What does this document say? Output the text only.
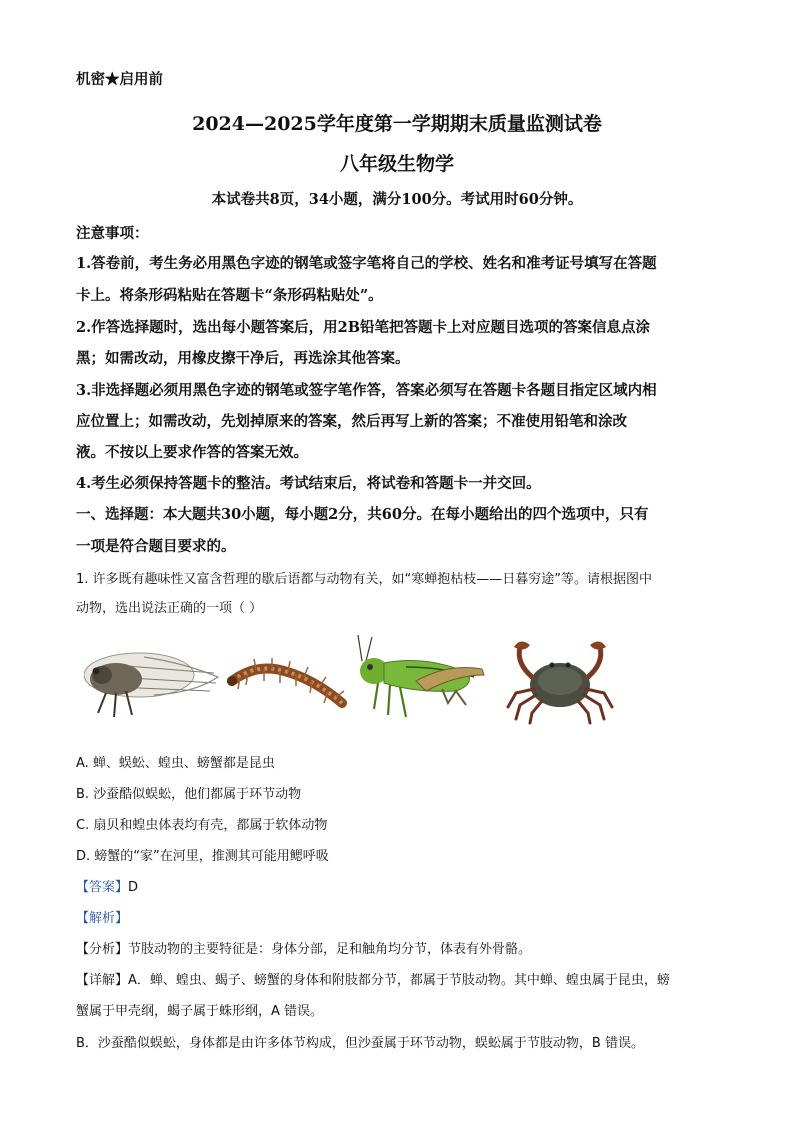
机密★启用前
2024—2025学年度第一学期期末质量监测试卷
八年级生物学
本试卷共8页，34小题，满分100分。考试用时60分钟。
注意事项：
1.答卷前，考生务必用黑色字迹的钢笔或签字笔将自己的学校、姓名和准考证号填写在答题
卡上。将条形码粘贴在答题卡“条形码粘贴处”。
2.作答选择题时，选出每小题答案后，用2B铅笔把答题卡上对应题目选项的答案信息点涂
黑；如需改动，用橡皮擦干净后，再选涂其他答案。
3.非选择题必须用黑色字迹的钢笔或签字笔作答，答案必须写在答题卡各题目指定区域内相
应位置上；如需改动，先划掉原来的答案，然后再写上新的答案；不准使用铅笔和涂改
液。不按以上要求作答的答案无效。
4.考生必须保持答题卡的整洁。考试结束后，将试卷和答题卡一并交回。
一、选择题：本大题共30小题，每小题2分，共60分。在每小题给出的四个选项中，只有
一项是符合题目要求的。
1. 许多既有趣味性又富含哲理的歇后语都与动物有关，如“寒蝉抱枯枝——日暮穷途”等。请根据图中
动物，选出说法正确的一项（ ）
A. 蝉、蜈蚣、蝗虫、螃蟹都是昆虫
B. 沙蚕酷似蜈蚣，他们都属于环节动物
C. 扇贝和蝗虫体表均有壳，都属于软体动物
D. 螃蟹的“家”在河里，推测其可能用鳃呼吸
【答案】D
【解析】
【分析】节肢动物的主要特征是：身体分部，足和触角均分节，体表有外骨骼。
【详解】A．蝉、蝗虫、蝎子、螃蟹的身体和附肢都分节，都属于节肢动物。其中蝉、蝗虫属于昆虫，螃
蟹属于甲壳纲，蝎子属于蛛形纲，A 错误。
B．沙蚕酷似蜈蚣，身体都是由许多体节构成，但沙蚕属于环节动物，蜈蚣属于节肢动物，B 错误。
